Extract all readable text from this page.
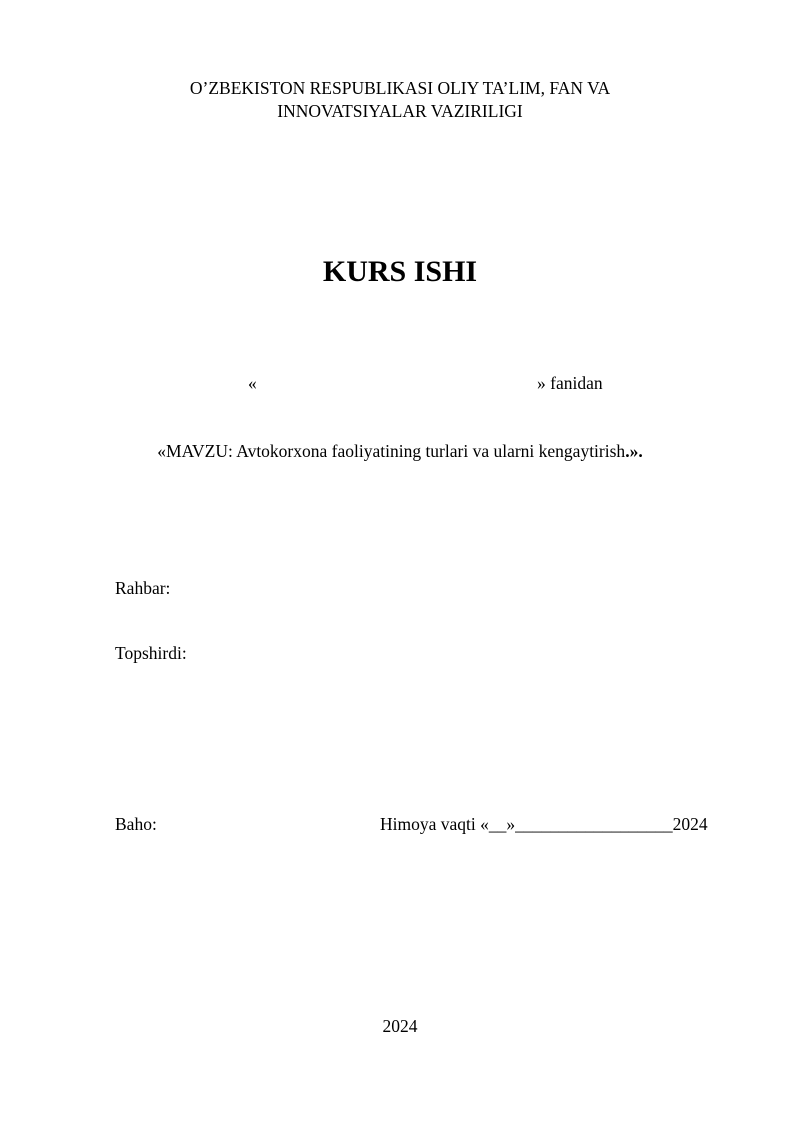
O’ZBEKISTON RESPUBLIKASI OLIY TA’LIM, FAN VA
INNOVATSIYALAR VAZIRILIGI
KURS ISHI
«	» fanidan
«MAVZU: Avtokorxona faoliyatining turlari va ularni kengaytirish.».
Rahbar:
Topshirdi:
Baho:	Himoya vaqti «__»__________________2024
2024
